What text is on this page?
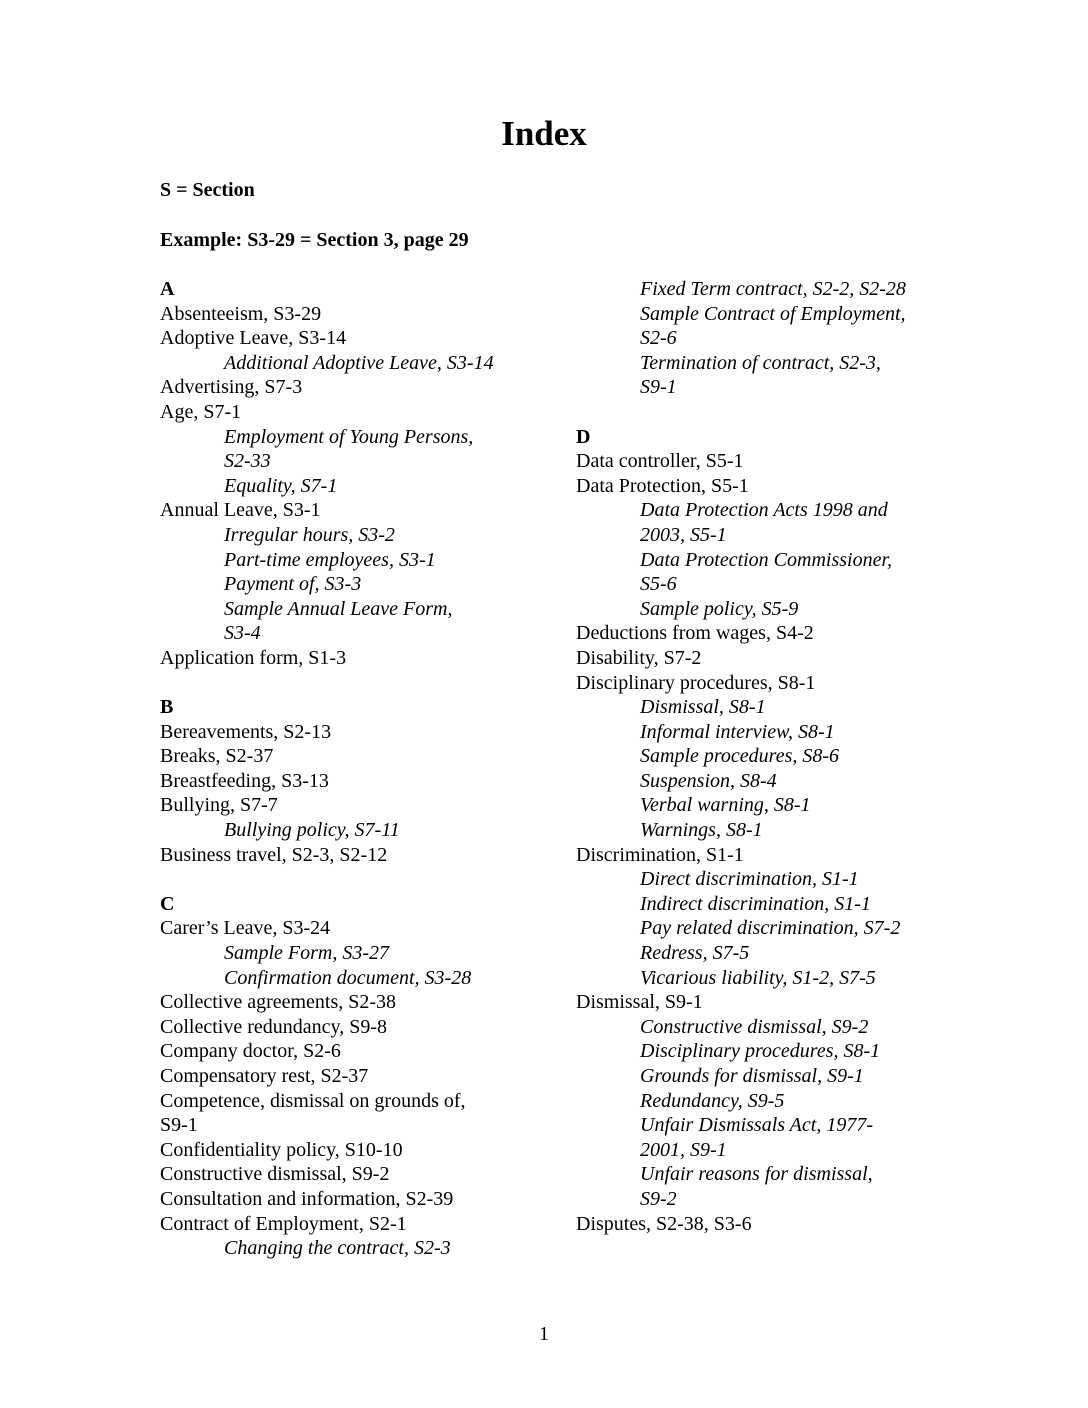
Index
S = Section
Example: S3-29 = Section 3, page 29
A
Absenteeism, S3-29
Adoptive Leave, S3-14
Additional Adoptive Leave, S3-14
Advertising, S7-3
Age, S7-1
Employment of Young Persons,
S2-33
Equality, S7-1
Annual Leave, S3-1
Irregular hours, S3-2
Part-time employees, S3-1
Payment of, S3-3
Sample Annual Leave Form,
S3-4
Application form, S1-3
B
Bereavements, S2-13
Breaks, S2-37
Breastfeeding, S3-13
Bullying, S7-7
Bullying policy, S7-11
Business travel, S2-3, S2-12
C
Carer’s Leave, S3-24
Sample Form, S3-27
Confirmation document, S3-28
Collective agreements, S2-38
Collective redundancy, S9-8
Company doctor, S2-6
Compensatory rest, S2-37
Competence, dismissal on grounds of,
S9-1
Confidentiality policy, S10-10
Constructive dismissal, S9-2
Consultation and information, S2-39
Contract of Employment, S2-1
Changing the contract, S2-3
Fixed Term contract, S2-2, S2-28
Sample Contract of Employment,
S2-6
Termination of contract, S2-3,
S9-1
D
Data controller, S5-1
Data Protection, S5-1
Data Protection Acts 1998 and
2003, S5-1
Data Protection Commissioner,
S5-6
Sample policy, S5-9
Deductions from wages, S4-2
Disability, S7-2
Disciplinary procedures, S8-1
Dismissal, S8-1
Informal interview, S8-1
Sample procedures, S8-6
Suspension, S8-4
Verbal warning, S8-1
Warnings, S8-1
Discrimination, S1-1
Direct discrimination, S1-1
Indirect discrimination, S1-1
Pay related discrimination, S7-2
Redress, S7-5
Vicarious liability, S1-2, S7-5
Dismissal, S9-1
Constructive dismissal, S9-2
Disciplinary procedures, S8-1
Grounds for dismissal, S9-1
Redundancy, S9-5
Unfair Dismissals Act, 1977-
2001, S9-1
Unfair reasons for dismissal,
S9-2
Disputes, S2-38, S3-6
1
